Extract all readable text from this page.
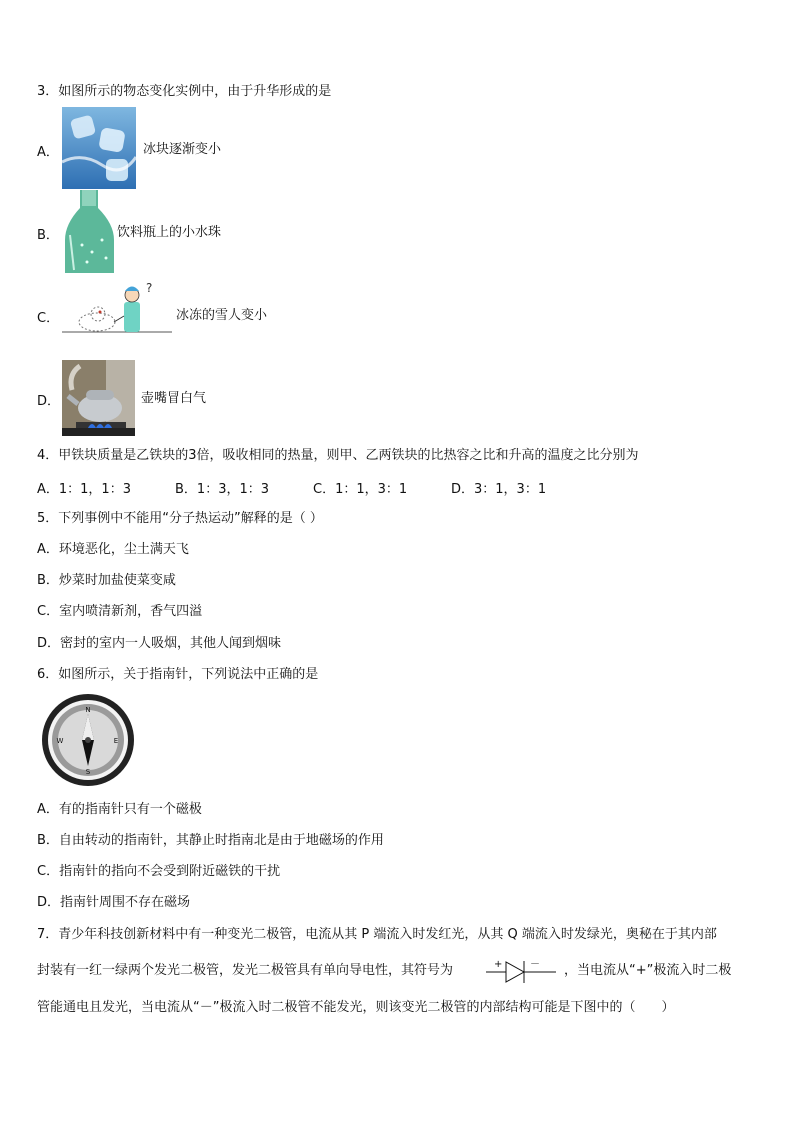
3．如图所示的物态变化实例中，由于升华形成的是
A．	冰块逐渐变小
B．	饮料瓶上的小水珠
C．
?
冰冻的雪人变小
D．	壶嘴冒白气
4．甲铁块质量是乙铁块的3倍，吸收相同的热量，则甲、乙两铁块的比热容之比和升高的温度之比分别为
A．1：1，1：3	B．1：3，1：3	C．1：1，3：1	D．3：1，3：1
5．下列事例中不能用“分子热运动”解释的是（ ）
A．环境恶化，尘土满天飞
B．炒菜时加盐使菜变咸
C．室内喷清新剂，香气四溢
D．密封的室内一人吸烟，其他人闻到烟味
6．如图所示，关于指南针，下列说法中正确的是
N
E
S
W
A．有的指南针只有一个磁极
B．自由转动的指南针，其静止时指南北是由于地磁场的作用
C．指南针的指向不会受到附近磁铁的干扰
D．指南针周围不存在磁场
7．青少年科技创新材料中有一种变光二极管，电流从其 P 端流入时发红光，从其 Q 端流入时发绿光，奥秘在于其内部
封装有一红一绿两个发光二极管，发光二极管具有单向导电性，其符号为	+	－ ，当电流从“+”极流入时二极
管能通电且发光，当电流从“－”极流入时二极管不能发光，则该变光二极管的内部结构可能是下图中的（　　）
